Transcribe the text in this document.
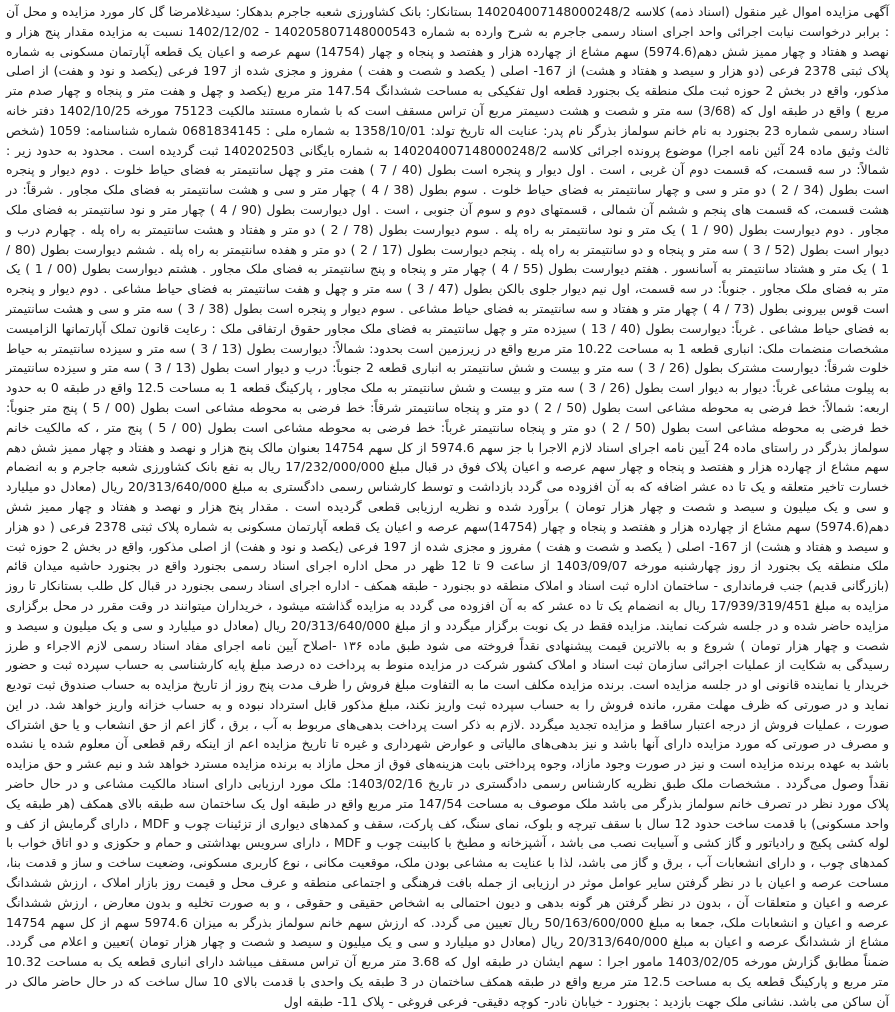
آگهی مزایده اموال غیر منقول (اسناد ذمه) کلاسه 140204007148000248/2 بستانکار: بانک کشاورزی شعبه جاجرم بدهکار: سیدغلامرضا گل کار مورد مزایده و محل آن : برابر درخواست نیابت اجرائی واحد اجرای اسناد رسمی جاجرم به شرح وارده به شماره 140205807148000543 - 1402/12/02 نسبت به مزایده مقدار پنج هزار و نهصد و هفتاد و چهار ممیز شش دهم(5974.6) سهم مشاع از چهارده هزار و هفتصد و پنجاه و چهار (14754) سهم عرصه و اعیان یک قطعه آپارتمان مسکونی به شماره پلاک ثبتی 2378 فرعی (دو هزار و سیصد و هفتاد و هشت) از 167- اصلی ( یکصد و شصت و هفت ) مفروز و مجزی شده از 197 فرعی (یکصد و نود و هفت) از اصلی مذکور، واقع در بخش 2 حوزه ثبت ملک منطقه یک بجنورد قطعه اول تفکیکی به مساحت ششدانگ 147.54 متر مربع (یکصد و چهل و هفت متر و پنجاه و چهار صدم متر مربع ) واقع در طبقه اول که (3/68) سه متر و شصت و هشت دسیمتر مربع آن تراس مسقف است که با شماره مستند مالکیت 75123 مورخه 1402/10/25 دفتر خانه اسناد رسمی شماره 23 بجنورد به نام خانم سولماز بذرگر نام پدر: عنایت اله تاریخ تولد: 1358/10/01 به شماره ملی : 0681834145 شماره شناسنامه: 1059 (شخص ثالث وثیق ماده 24 آئین نامه اجرا) موضوع پرونده اجرائی کلاسه 140204007148000248/2 به شماره بایگانی 140202503 ثبت گردیده است . محدود به حدود زیر : شمالاً: در سه قسمت، که قسمت دوم آن غربی ، است . اول دیوار و پنجره است بطول (40 / 7 ) هفت متر و چهل سانتیمتر به فضای حیاط خلوت . دوم دیوار و پنجره است بطول (34 / 2 ) دو متر و سی و چهار سانتیمتر به فضای حیاط خلوت . سوم بطول (38 / 4 ) چهار متر و سی و هشت سانتیمتر به فضای ملک مجاور . شرقاً: در هشت قسمت، که قسمت های پنجم و ششم آن شمالی ، قسمتهای دوم و سوم آن جنوبی ، است . اول دیوارست بطول (90 / 4 ) چهار متر و نود سانتیمتر به فضای ملک مجاور . دوم دیوارست بطول (90 / 1 ) یک متر و نود سانتیمتر به راه پله . سوم دیوارست بطول (78 / 2 ) دو متر و هفتاد و هشت سانتیمتر به راه پله . چهارم درب و دیوار است بطول (52 / 3 ) سه متر و پنجاه و دو سانتیمتر به راه پله . پنجم دیوارست بطول (17 / 2 ) دو متر و هفده سانتیمتر به راه پله . ششم دیوارست بطول (80 / 1 ) یک متر و هشتاد سانتیمتر به آسانسور . هفتم دیوارست بطول (55 / 4 ) چهار متر و پنجاه و پنج سانتیمتر به فضای ملک مجاور . هشتم دیوارست بطول (00 / 1 ) یک متر به فضای ملک مجاور . جنوباً: در سه قسمت، اول نیم دیوار جلوی بالکن بطول (47 / 3 ) سه متر و چهل و هفت سانتیمتر به فضای حیاط مشاعی . دوم دیوار و پنجره است قوس بیرونی بطول (73 / 4 ) چهار متر و هفتاد و سه سانتیمتر به فضای حیاط مشاعی . سوم دیوار و پنجره است بطول (38 / 3 ) سه متر و سی و هشت سانتیمتر به فضای حیاط مشاعی . غرباً: دیوارست بطول (40 / 13 ) سیزده متر و چهل سانتیمتر به فضای ملک مجاور حقوق ارتفاقی ملک : رعایت قانون تملک آپارتمانها الزامیست مشخصات منضمات ملک: انباری قطعه 1 به مساحت 10.22 متر مربع واقع در زیرزمین است بحدود: شمالاً: دیوارست بطول (13 / 3 ) سه متر و سیزده سانتیمتر به حیاط خلوت شرقاً: دیوارست مشترک بطول (26 / 3 ) سه متر و بیست و شش سانتیمتر به انباری قطعه 2 جنوباً: درب و دیوار است بطول (13 / 3 ) سه متر و سیزده سانتیمتر به پیلوت مشاعی غرباً: دیوار به دیوار است بطول (26 / 3 ) سه متر و بیست و شش سانتیمتر به ملک مجاور ، پارکینگ قطعه 1 به مساحت 12.5 واقع در طبقه 0 به حدود اربعه: شمالاً: خط فرضی به محوطه مشاعی است بطول (50 / 2 ) دو متر و پنجاه سانتیمتر شرقاً: خط فرضی به محوطه مشاعی است بطول (00 / 5 ) پنج متر جنوباً: خط فرضی به محوطه مشاعی است بطول (50 / 2 ) دو متر و پنجاه سانتیمتر غرباً: خط فرضی به محوطه مشاعی است بطول (00 / 5 ) پنج متر ، که مالکیت خانم سولماز بذرگر در راستای ماده 24 آیین نامه اجرای اسناد لازم الاجرا با جز سهم 5974.6 از کل سهم 14754 بعنوان مالک پنج هزار و نهصد و هفتاد و چهار ممیز شش دهم سهم مشاع از چهارده هزار و هفتصد و پنجاه و چهار سهم عرصه و اعیان پلاک فوق در قبال مبلغ 17/232/000/000 ریال به نفع بانک کشاورزی شعبه جاجرم و به انضمام خسارت تاخیر متعلقه و یک تا ده عشر اضافه که به آن افزوده می گردد بازداشت و توسط کارشناس رسمی دادگستری به مبلغ 20/313/640/000 ریال (معادل دو میلیارد و سی و یک میلیون و سیصد و شصت و چهار هزار تومان ) برآورد شده و نظریه ارزیابی قطعی گردیده است . مقدار پنج هزار و نهصد و هفتاد و چهار ممیز شش دهم(5974.6) سهم مشاع از چهارده هزار و هفتصد و پنجاه و چهار (14754)سهم عرصه و اعیان یک قطعه آپارتمان مسکونی به شماره پلاک ثبتی 2378 فرعی ( دو هزار و سیصد و هفتاد و هشت) از 167- اصلی ( یکصد و شصت و هفت ) مفروز و مجزی شده از 197 فرعی (یکصد و نود و هفت) از اصلی مذکور، واقع در بخش 2 حوزه ثبت ملک منطقه یک بجنورد از روز چهارشنبه مورخه 1403/09/07 از ساعت 9 تا 12 ظهر در محل اداره اجرای اسناد رسمی بجنورد واقع در بجنورد حاشیه میدان قائم (بازرگانی قدیم) جنب فرمانداری - ساختمان اداره ثبت اسناد و املاک منطقه دو بجنورد - طبقه همکف - اداره اجرای اسناد رسمی بجنورد در قبال کل طلب بستانکار تا روز مزایده به مبلغ 17/939/319/451 ریال به انضمام یک تا ده عشر که به آن افزوده می گردد به مزایده گذاشته میشود ، خریداران میتوانند در وقت مقرر در محل برگزاری مزایده حاضر شده و در جلسه شرکت نمایند. مزایده فقط در یک نوبت برگزار میگردد و از مبلغ 20/313/640/000 ریال (معادل دو میلیارد و سی و یک میلیون و سیصد و شصت و چهار هزار تومان ) شروع و به بالاترین قیمت پیشنهادی نقداً فروخته می شود طبق ماده ۱۳۶ -اصلاح آیین نامه اجرای مفاد اسناد رسمی لازم الاجراء و طرز رسیدگی به شکایت از عملیات اجرائی سازمان ثبت اسناد و املاک کشور شرکت در مزایده منوط به پرداخت ده درصد مبلغ پایه کارشناسی به حساب سپرده ثبت و حضور خریدار یا نماینده قانونی او در جلسه مزایده است. برنده مزایده مکلف است ما به التفاوت مبلغ فروش را ظرف مدت پنج روز از تاریخ مزایده به حساب صندوق ثبت تودیع نماید و در صورتی که ظرف مهلت مقرر، مانده فروش را به حساب سپرده ثبت واریز نکند، مبلغ مذکور قابل استرداد نبوده و به حساب خزانه واریز خواهد شد. در این صورت ، عملیات فروش از درجه اعتبار ساقط و مزایده تجدید میگردد .لازم به ذکر است پرداخت بدهی‌های مربوط به آب ، برق ، گاز اعم از حق انشعاب و یا حق اشتراک و مصرف در صورتی که مورد مزایده دارای آنها باشد و نیز بدهی‌های مالیاتی و عوارض شهرداری و غیره تا تاریخ مزایده اعم از اینکه رقم قطعی آن معلوم شده یا نشده باشد به عهده برنده مزایده است و نیز در صورت وجود مازاد، وجوه پرداختی بابت هزینه‌های فوق از محل مازاد به برنده مزایده مسترد خواهد شد و نیم عشر و حق مزایده نقداً وصول می‌گردد . مشخصات ملک طبق نظریه کارشناس رسمی دادگستری در تاریخ 1403/02/16: ملک مورد ارزیابی دارای اسناد مالکیت مشاعی و در حال حاضر پلاک مورد نظر در تصرف خانم سولماز بذرگر می باشد ملک موصوف به مساحت 147/54 متر مربع واقع در طبقه اول یک ساختمان سه طبقه بالای همکف (هر طبقه یک واحد مسکونی) با قدمت ساخت حدود 12 سال با سقف تیرچه و بلوک، نمای سنگ، کف پارکت، سقف و کمدهای دیواری از تزئینات چوب و MDF ، دارای گرمایش از کف و لوله کشی پکیج و رادیاتور و گاز کشی و آسیابت نصب می باشد ، آشپزخانه و مطبخ با کابینت چوب و MDF ، دارای سرویس بهداشتی و حمام و حکوزی و دو اتاق خواب با کمدهای چوب ، و دارای انشعابات آب ، برق و گاز می باشد، لذا با عنایت به مشاعی بودن ملک، موقعیت مکانی ، نوع کاربری مسکونی، وضعیت ساخت و ساز و قدمت بنا، مساحت عرصه و اعیان با در نظر گرفتن سایر عوامل موثر در ارزیابی از جمله بافت فرهنگی و اجتماعی منطقه و عرف محل و قیمت روز بازار املاک ، ارزش ششدانگ عرصه و اعیان و متعلقات آن ، بدون در نظر گرفتن هر گونه بدهی و دیون احتمالی به اشخاص حقیقی و حقوقی ، و به صورت تخلیه و بدون معارض ، ارزش ششدانگ عرصه و اعیان و انشعابات ملک، جمعا به مبلغ 50/163/600/000 ریال تعیین می گردد. که ارزش سهم خانم سولماز بذرگر به میزان 5974.6 سهم از کل سهم 14754 مشاع از ششدانگ عرصه و اعیان به مبلغ 20/313/640/000 ریال (معادل دو میلیارد و سی و یک میلیون و سیصد و شصت و چهار هزار تومان )تعیین و اعلام می گردد. ضمناً مطابق گزارش مورخه 1403/02/05 مامور اجرا : سهم ایشان در طبقه اول که 3.68 متر مربع آن تراس مسقف میباشد دارای انباری قطعه یک به مساحت 10.32 متر مربع و پارکینگ قطعه یک به مساحت 12.5 متر مربع واقع در طبقه همکف ساختمان در 3 طبقه یک واحدی با قدمت بالای 10 سال ساخت که در حال حاضر مالک در آن ساکن می باشد. نشانی ملک جهت بازدید : بجنورد - خیابان نادر- کوچه دقیقی- فرعی فروغی - پلاک 11- طبقه اول
